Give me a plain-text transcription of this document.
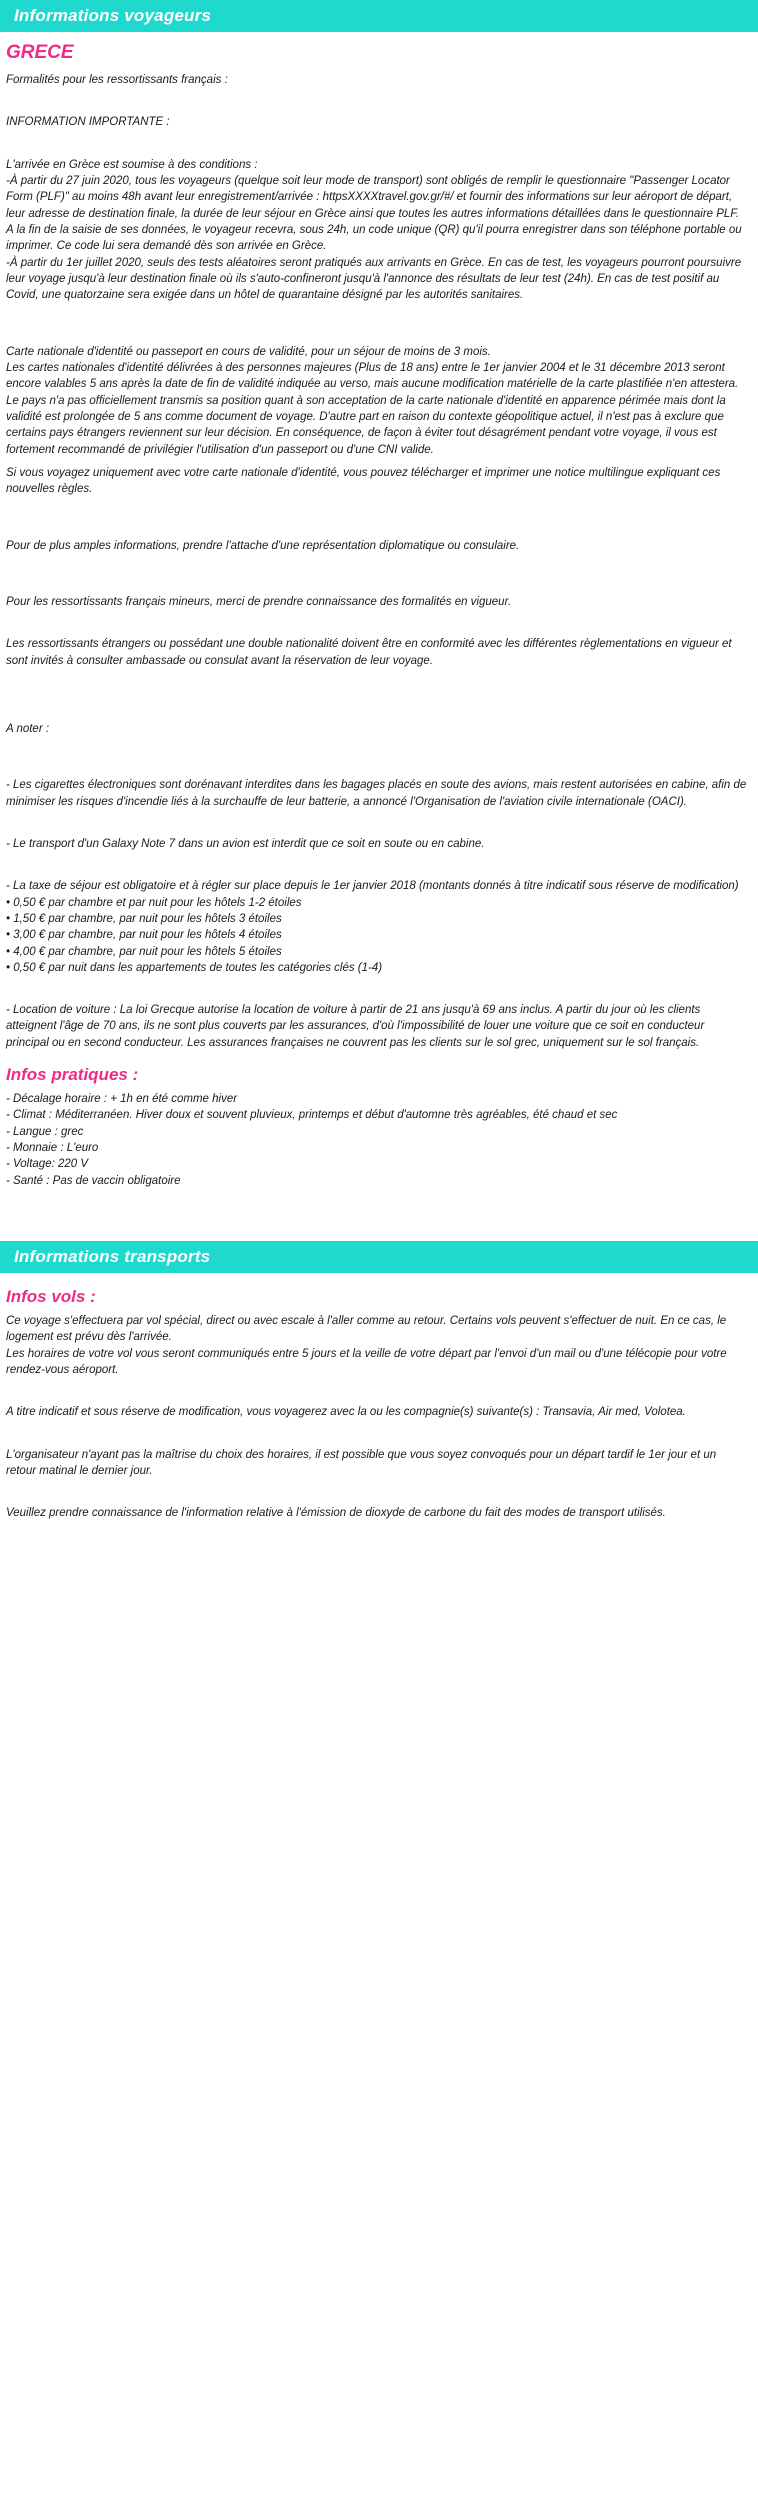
Informations voyageurs
GRECE

Formalités pour les ressortissants français :

INFORMATION IMPORTANTE :

L'arrivée en Grèce est soumise à des conditions :

-À partir du 27 juin 2020, tous les voyageurs (quelque soit leur mode de transport) sont obligés de remplir le questionnaire "Passenger Locator Form (PLF)" au moins 48h avant leur enregistrement/arrivée : httpsXXXXtravel.gov.gr/#/ et fournir des informations sur leur aéroport de départ, leur adresse de destination finale, la durée de leur séjour en Grèce ainsi que toutes les autres informations détaillées dans le questionnaire PLF. A la fin de la saisie de ses données, le voyageur recevra, sous 24h, un code unique (QR) qu'il pourra enregistrer dans son téléphone portable ou imprimer. Ce code lui sera demandé dès son arrivée en Grèce.

-À partir du 1er juillet 2020, seuls des tests aléatoires seront pratiqués aux arrivants en Grèce. En cas de test, les voyageurs pourront poursuivre leur voyage jusqu'à leur destination finale où ils s'auto-confineront jusqu'à l'annonce des résultats de leur test (24h). En cas de test positif au Covid, une quatorzaine sera exigée dans un hôtel de quarantaine désigné par les autorités sanitaires.

Carte nationale d'identité ou passeport en cours de validité, pour un séjour de moins de 3 mois.

Les cartes nationales d'identité délivrées à des personnes majeures (Plus de 18 ans) entre le 1er janvier 2004 et le 31 décembre 2013 seront encore valables 5 ans après la date de fin de validité indiquée au verso, mais aucune modification matérielle de la carte plastifiée n'en attestera.

Le pays n'a pas officiellement transmis sa position quant à son acceptation de la carte nationale d'identité en apparence périmée mais dont la validité est prolongée de 5 ans comme document de voyage. D'autre part en raison du contexte géopolitique actuel, il n'est pas à exclure que certains pays étrangers reviennent sur leur décision. En conséquence, de façon à éviter tout désagrément pendant votre voyage, il vous est fortement recommandé de privilégier l'utilisation d'un passeport ou d'une CNI valide.

Si vous voyagez uniquement avec votre carte nationale d'identité, vous pouvez télécharger et imprimer une notice multilingue expliquant ces nouvelles règles.

Pour de plus amples informations, prendre l'attache d'une représentation diplomatique ou consulaire.

Pour les ressortissants français mineurs, merci de prendre connaissance des formalités en vigueur.

Les ressortissants étrangers ou possédant une double nationalité doivent être en conformité avec les différentes règlementations en vigueur et sont invités à consulter ambassade ou consulat avant la réservation de leur voyage.

A noter :

- Les cigarettes électroniques sont dorénavant interdites dans les bagages placés en soute des avions, mais restent autorisées en cabine, afin de minimiser les risques d'incendie liés à la surchauffe de leur batterie, a annoncé l'Organisation de l'aviation civile internationale (OACI).

- Le transport d'un Galaxy Note 7 dans un avion est interdit que ce soit en soute ou en cabine.

- La taxe de séjour est obligatoire et à régler sur place depuis le 1er janvier 2018 (montants donnés à titre indicatif sous réserve de modification)

• 0,50 € par chambre et par nuit pour les hôtels 1-2 étoiles

• 1,50 € par chambre, par nuit pour les hôtels 3 étoiles

• 3,00 € par chambre, par nuit pour les hôtels 4 étoiles

• 4,00 € par chambre, par nuit pour les hôtels 5 étoiles

• 0,50 € par nuit dans les appartements de toutes les catégories clés (1-4)

- Location de voiture : La loi Grecque autorise la location de voiture à partir de 21 ans jusqu'à 69 ans inclus. A partir du jour où les clients atteignent l'âge de 70 ans, ils ne sont plus couverts par les assurances, d'où l'impossibilité de louer une voiture que ce soit en conducteur principal ou en second conducteur. Les assurances françaises ne couvrent pas les clients sur le sol grec, uniquement sur le sol français.

Infos pratiques :

- Décalage horaire : + 1h en été comme hiver

- Climat : Méditerranéen. Hiver doux et souvent pluvieux, printemps et début d'automne très agréables, été chaud et sec

- Langue : grec

- Monnaie : L'euro

- Voltage: 220 V

- Santé : Pas de vaccin obligatoire

Informations transports
Infos vols :

Ce voyage s'effectuera par vol spécial, direct ou avec escale à l'aller comme au retour. Certains vols peuvent s'effectuer de nuit. En ce cas, le logement est prévu dès l'arrivée.

Les horaires de votre vol vous seront communiqués entre 5 jours et la veille de votre départ par l'envoi d'un mail ou d'une télécopie pour votre rendez-vous aéroport.

A titre indicatif et sous réserve de modification, vous voyagerez avec la ou les compagnie(s) suivante(s) : Transavia, Air med, Volotea.

L'organisateur n'ayant pas la maîtrise du choix des horaires, il est possible que vous soyez convoqués pour un départ tardif le 1er jour et un retour matinal le dernier jour.

Veuillez prendre connaissance de l'information relative à l'émission de dioxyde de carbone du fait des modes de transport utilisés.
